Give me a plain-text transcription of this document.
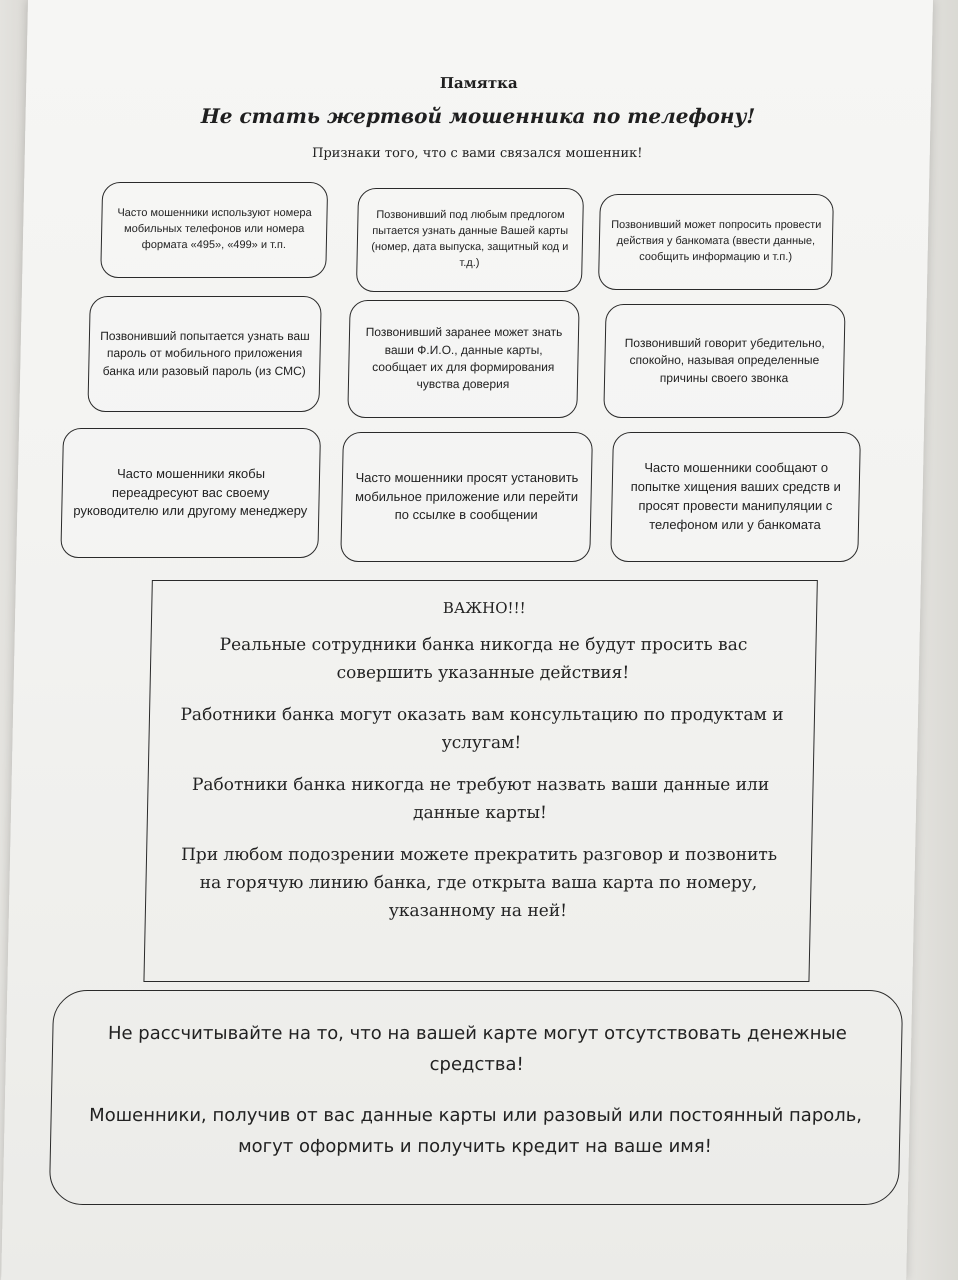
Памятка
Не стать жертвой мошенника по телефону!
Признаки того, что с вами связался мошенник!
Часто мошенники используют номера мобильных телефонов или номера формата «495», «499» и т.п.
Позвонивший под любым предлогом пытается узнать данные Вашей карты (номер, дата выпуска, защитный код и т.д.)
Позвонивший может попросить провести действия у банкомата (ввести данные, сообщить информацию и т.п.)
Позвонивший попытается узнать ваш пароль от мобильного приложения банка или разовый пароль (из СМС)
Позвонивший заранее может знать ваши Ф.И.О., данные карты, сообщает их для формирования чувства доверия
Позвонивший говорит убедительно, спокойно, называя определенные причины своего звонка
Часто мошенники якобы переадресуют вас своему руководителю или другому менеджеру
Часто мошенники просят установить мобильное приложение или перейти по ссылке в сообщении
Часто мошенники сообщают о попытке хищения ваших средств и просят провести манипуляции с телефоном или у банкомата
ВАЖНО!!!
Реальные сотрудники банка никогда не будут просить вас совершить указанные действия!
Работники банка могут оказать вам консультацию по продуктам и услугам!
Работники банка никогда не требуют назвать ваши данные или данные карты!
При любом подозрении можете прекратить разговор и позвонить на горячую линию банка, где открыта ваша карта по номеру, указанному на ней!
Не рассчитывайте на то, что на вашей карте могут отсутствовать денежные средства!
Мошенники, получив от вас данные карты или разовый или постоянный пароль, могут оформить и получить кредит на ваше имя!
